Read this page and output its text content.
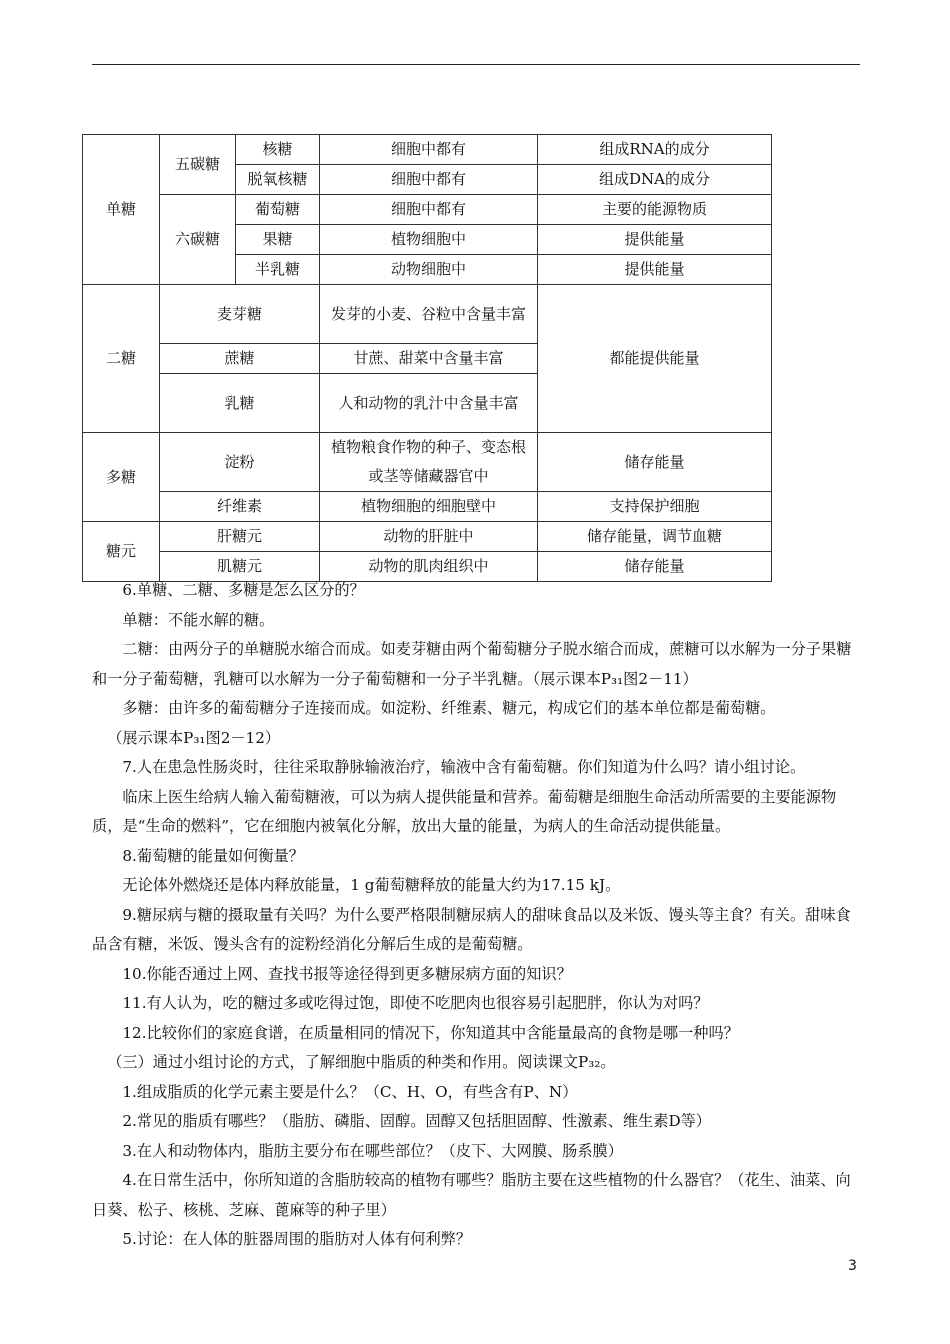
单糖	五碳糖	核糖	细胞中都有	组成RNA的成分
		脱氧核糖	细胞中都有	组成DNA的成分
	六碳糖	葡萄糖	细胞中都有	主要的能源物质
		果糖	植物细胞中	提供能量
		半乳糖	动物细胞中	提供能量
二糖	麦芽糖		发芽的小麦、谷粒中含量丰富	都能提供能量
	蔗糖		甘蔗、甜菜中含量丰富	
	乳糖		人和动物的乳汁中含量丰富	
多糖	淀粉		植物粮食作物的种子、变态根或茎等储藏器官中	储存能量
	纤维素		植物细胞的细胞壁中	支持保护细胞
糖元	肝糖元		动物的肝脏中	储存能量，调节血糖
	肌糖元		动物的肌肉组织中	储存能量

6.单糖、二糖、多糖是怎么区分的？

单糖：不能水解的糖。

二糖：由两分子的单糖脱水缩合而成。如麦芽糖由两个葡萄糖分子脱水缩合而成，蔗糖可以水解为一分子果糖和一分子葡萄糖，乳糖可以水解为一分子葡萄糖和一分子半乳糖。（展示课本P₃₁图2－11）

多糖：由许多的葡萄糖分子连接而成。如淀粉、纤维素、糖元，构成它们的基本单位都是葡萄糖。

（展示课本P₃₁图2－12）

7.人在患急性肠炎时，往往采取静脉输液治疗，输液中含有葡萄糖。你们知道为什么吗？请小组讨论。

临床上医生给病人输入葡萄糖液，可以为病人提供能量和营养。葡萄糖是细胞生命活动所需要的主要能源物质，是“生命的燃料”，它在细胞内被氧化分解，放出大量的能量，为病人的生命活动提供能量。

8.葡萄糖的能量如何衡量？

无论体外燃烧还是体内释放能量，1 g葡萄糖释放的能量大约为17.15 kJ。

9.糖尿病与糖的摄取量有关吗？为什么要严格限制糖尿病人的甜味食品以及米饭、馒头等主食？有关。甜味食品含有糖，米饭、馒头含有的淀粉经消化分解后生成的是葡萄糖。

10.你能否通过上网、查找书报等途径得到更多糖尿病方面的知识？

11.有人认为，吃的糖过多或吃得过饱，即使不吃肥肉也很容易引起肥胖，你认为对吗？

12.比较你们的家庭食谱，在质量相同的情况下，你知道其中含能量最高的食物是哪一种吗？

（三）通过小组讨论的方式，了解细胞中脂质的种类和作用。阅读课文P₃₂。

1.组成脂质的化学元素主要是什么？（C、H、O，有些含有P、N）

2.常见的脂质有哪些？（脂肪、磷脂、固醇。固醇又包括胆固醇、性激素、维生素D等）

3.在人和动物体内，脂肪主要分布在哪些部位？（皮下、大网膜、肠系膜）

4.在日常生活中，你所知道的含脂肪较高的植物有哪些？脂肪主要在这些植物的什么器官？（花生、油菜、向日葵、松子、核桃、芝麻、蓖麻等的种子里）

5.讨论：在人体的脏器周围的脂肪对人体有何利弊？

3
